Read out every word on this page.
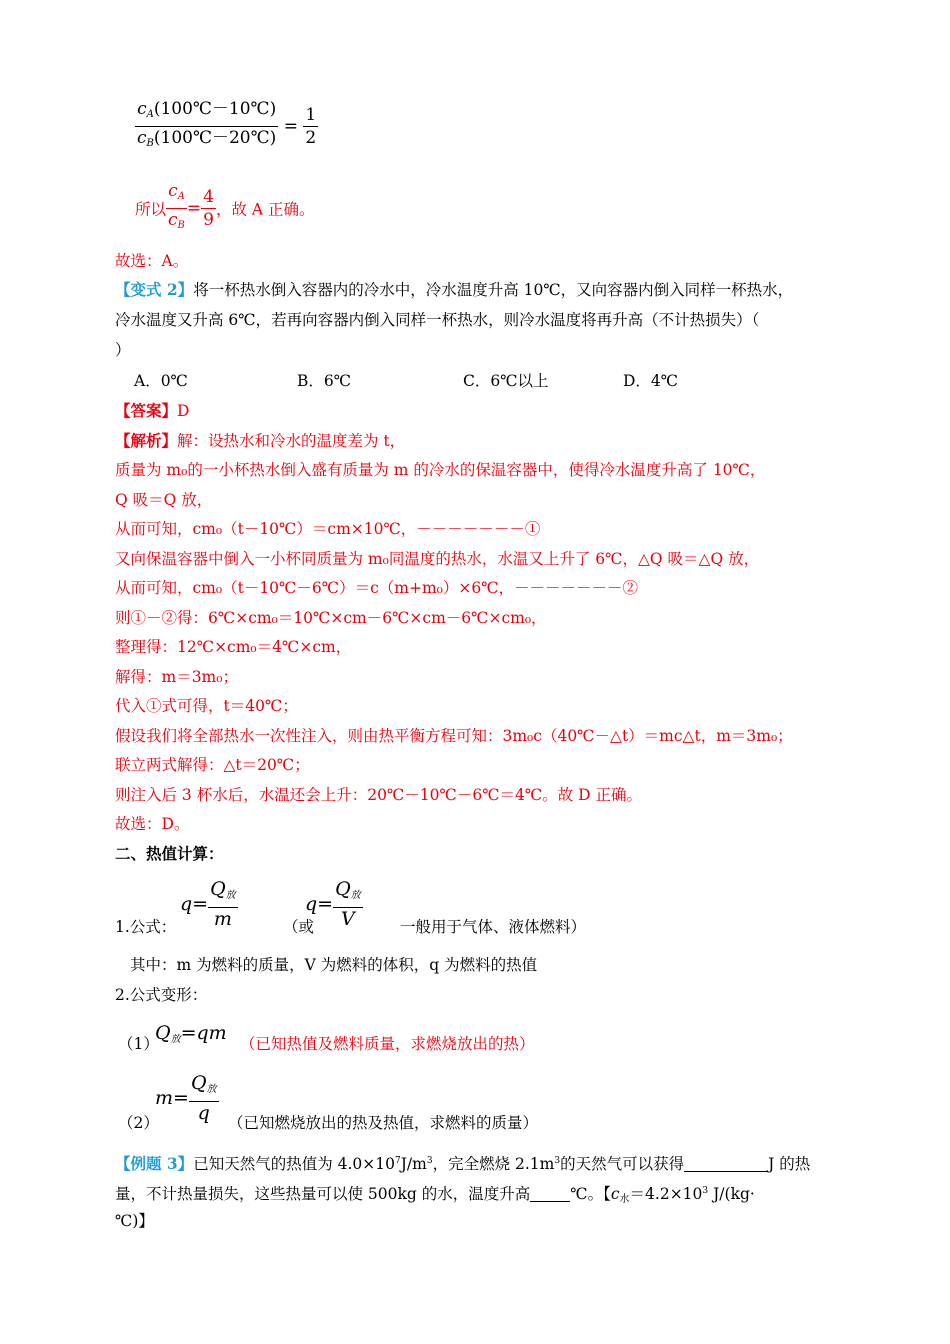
$\frac{c_A(100℃-10℃)}{c_B(100℃-20℃)} = \frac{1}{2}$
所以 $\frac{c_A}{c_B} = \frac{4}{9}$ ，故 A 正确。
故选：A。
【变式 2】将一杯热水倒入容器内的冷水中，冷水温度升高 10℃，又向容器内倒入同样一杯热水，
冷水温度又升高 6℃，若再向容器内倒入同样一杯热水，则冷水温度将再升高（不计热损失）（
）
A．0℃	B．6℃	C．6℃以上	D．4℃
【答案】D
【解析】解：设热水和冷水的温度差为 t，
质量为 m₀的一小杯热水倒入盛有质量为 m 的冷水的保温容器中，使得冷水温度升高了 10℃，
Q 吸＝Q 放，
从而可知，cm₀（t－10℃）＝cm×10℃，－－－－－－－①
又向保温容器中倒入一小杯同质量为 m₀同温度的热水，水温又上升了 6℃，△Q 吸＝△Q 放，
从而可知，cm₀（t－10℃－6℃）＝c（m+m₀）×6℃，－－－－－－－②
则①－②得：6℃×cm₀＝10℃×cm－6℃×cm－6℃×cm₀，
整理得：12℃×cm₀＝4℃×cm，
解得：m＝3m₀；
代入①式可得，t＝40℃；
假设我们将全部热水一次性注入，则由热平衡方程可知：3m₀c（40℃－△t）＝mc△t，m＝3m₀；
联立两式解得：△t＝20℃；
则注入后 3 杯水后，水温还会上升：20℃－10℃－6℃＝4℃。故 D 正确。
故选：D。
二、热值计算：
1.公式：
$q= \frac{Q_放}{m}$	（或
$q= \frac{Q_放}{V}$ 一般用于气体、液体燃料）
其中：m 为燃料的质量，V 为燃料的体积，q 为燃料的热值
2.公式变形：
（1）
$Q_放=qm$ （已知热值及燃料质量，求燃烧放出的热）
（2）
$m= \frac{Q_放}{q}$ （已知燃烧放出的热及热值，求燃料的质量）
【例题 3】已知天然气的热值为 $4.0\times 10^7J/m^3$，完全燃烧 $2.1m^3$的天然气可以获得	J 的热
量，不计热量损失，这些热量可以使 500kg 的水，温度升高	℃。【$c_水=4.2\times 10^3$ J/(kg·
℃)】
